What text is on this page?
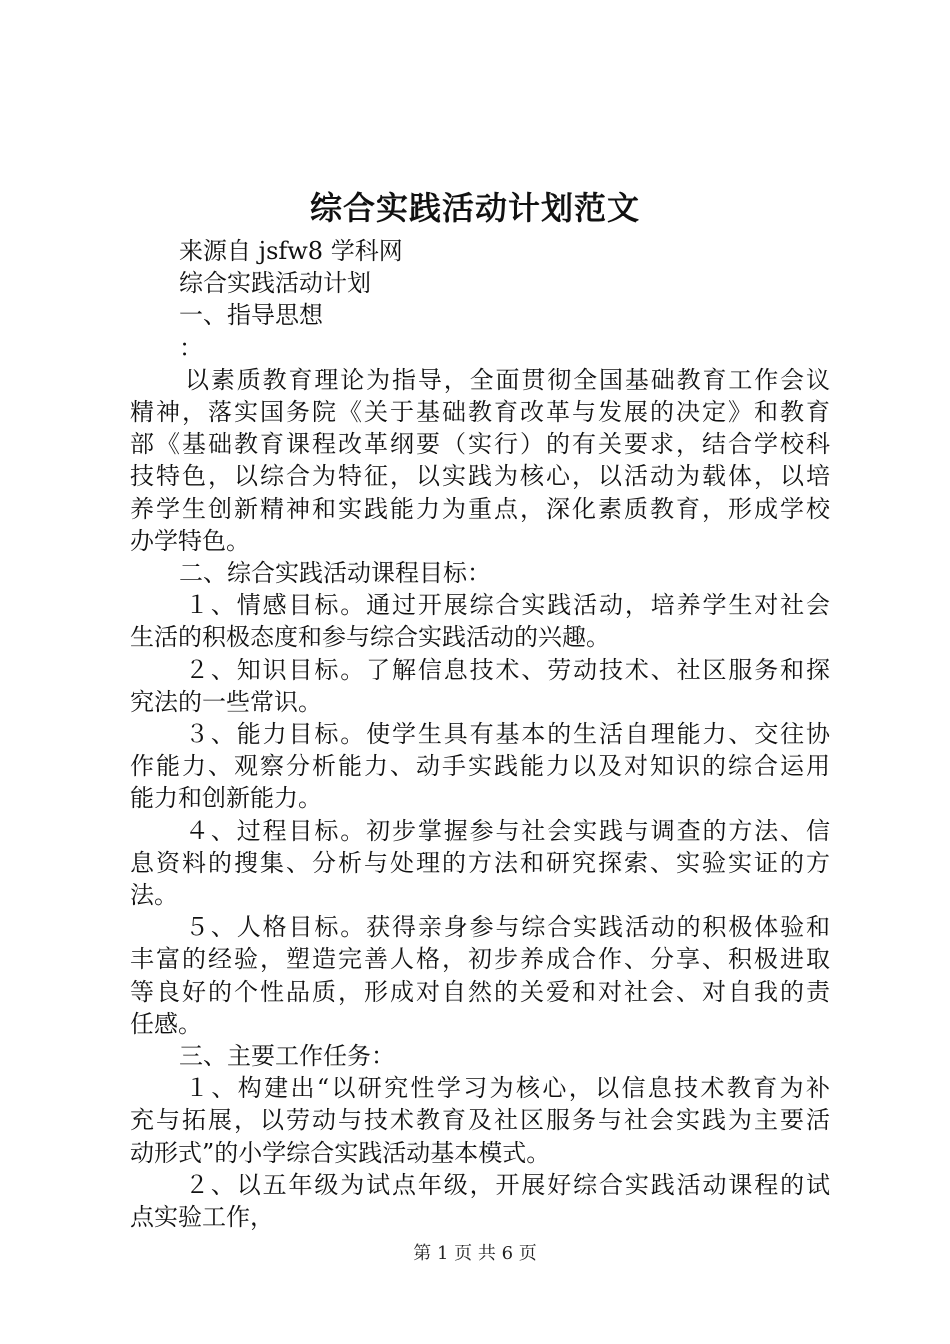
综合实践活动计划范文
来源自 jsfw8 学科网
综合实践活动计划
一、指导思想
：
以素质教育理论为指导，全面贯彻全国基础教育工作会议
精神，落实国务院《关于基础教育改革与发展的决定》和教育
部《基础教育课程改革纲要（实行）的有关要求，结合学校科
技特色，以综合为特征，以实践为核心，以活动为载体，以培
养学生创新精神和实践能力为重点，深化素质教育，形成学校
办学特色。
二、综合实践活动课程目标：
１、情感目标。通过开展综合实践活动，培养学生对社会
生活的积极态度和参与综合实践活动的兴趣。
２、知识目标。了解信息技术、劳动技术、社区服务和探
究法的一些常识。
３、能力目标。使学生具有基本的生活自理能力、交往协
作能力、观察分析能力、动手实践能力以及对知识的综合运用
能力和创新能力。
４、过程目标。初步掌握参与社会实践与调查的方法、信
息资料的搜集、分析与处理的方法和研究探索、实验实证的方
法。
５、人格目标。获得亲身参与综合实践活动的积极体验和
丰富的经验，塑造完善人格，初步养成合作、分享、积极进取
等良好的个性品质，形成对自然的关爱和对社会、对自我的责
任感。
三、主要工作任务：
１、构建出“以研究性学习为核心，以信息技术教育为补
充与拓展，以劳动与技术教育及社区服务与社会实践为主要活
动形式”的小学综合实践活动基本模式。
２、以五年级为试点年级，开展好综合实践活动课程的试
点实验工作，
第 1 页 共 6 页
